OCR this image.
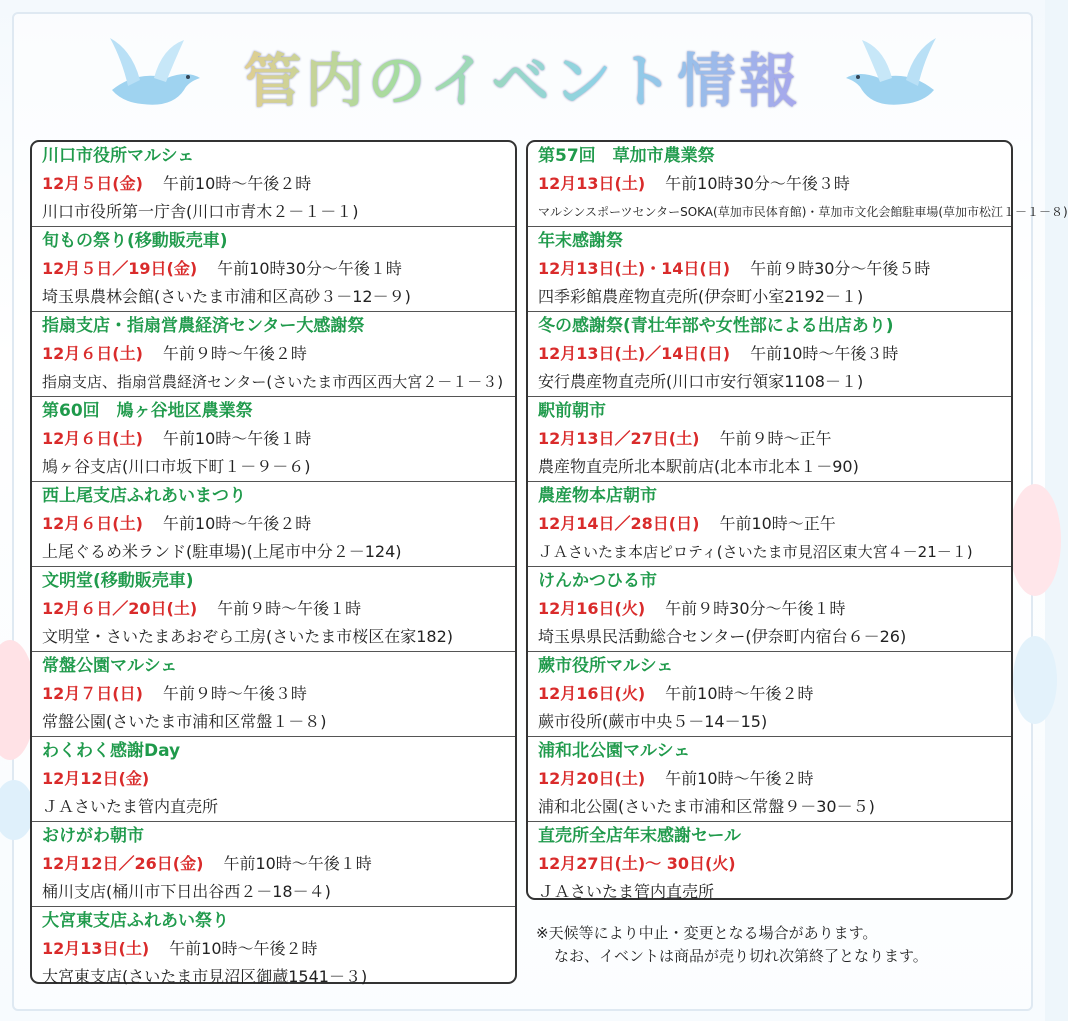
管内のイベント情報
川口市役所マルシェ
12月５日(金) 午前10時～午後２時
川口市役所第一庁舎(川口市青木２－１－１)
旬もの祭り(移動販売車)
12月５日／19日(金) 午前10時30分～午後１時
埼玉県農林会館(さいたま市浦和区高砂３－12－９)
指扇支店・指扇営農経済センター大感謝祭
12月６日(土) 午前９時～午後２時
指扇支店、指扇営農経済センター(さいたま市西区西大宮２－１－３)
第60回　鳩ヶ谷地区農業祭
12月６日(土) 午前10時～午後１時
鳩ヶ谷支店(川口市坂下町１－９－６)
西上尾支店ふれあいまつり
12月６日(土) 午前10時～午後２時
上尾ぐるめ米ランド(駐車場)(上尾市中分２－124)
文明堂(移動販売車)
12月６日／20日(土) 午前９時～午後１時
文明堂・さいたまあおぞら工房(さいたま市桜区在家182)
常盤公園マルシェ
12月７日(日) 午前９時～午後３時
常盤公園(さいたま市浦和区常盤１－８)
わくわく感謝Day
12月12日(金)
ＪＡさいたま管内直売所
おけがわ朝市
12月12日／26日(金) 午前10時～午後１時
桶川支店(桶川市下日出谷西２－18－４)
大宮東支店ふれあい祭り
12月13日(土) 午前10時～午後２時
大宮東支店(さいたま市見沼区御蔵1541－３)
第57回　草加市農業祭
12月13日(土) 午前10時30分～午後３時
マルシンスポーツセンターSOKA(草加市民体育館)・草加市文化会館駐車場(草加市松江１－１－８)
年末感謝祭
12月13日(土)・14日(日) 午前９時30分～午後５時
四季彩館農産物直売所(伊奈町小室2192－１)
冬の感謝祭(青壮年部や女性部による出店あり)
12月13日(土)／14日(日) 午前10時～午後３時
安行農産物直売所(川口市安行領家1108－１)
駅前朝市
12月13日／27日(土) 午前９時～正午
農産物直売所北本駅前店(北本市北本１－90)
農産物本店朝市
12月14日／28日(日) 午前10時～正午
ＪＡさいたま本店ピロティ(さいたま市見沼区東大宮４－21－１)
けんかつひる市
12月16日(火) 午前９時30分～午後１時
埼玉県県民活動総合センター(伊奈町内宿台６－26)
蕨市役所マルシェ
12月16日(火) 午前10時～午後２時
蕨市役所(蕨市中央５－14－15)
浦和北公園マルシェ
12月20日(土) 午前10時～午後２時
浦和北公園(さいたま市浦和区常盤９－30－５)
直売所全店年末感謝セール
12月27日(土)～ 30日(火)
ＪＡさいたま管内直売所
※天候等により中止・変更となる場合があります。
なお、イベントは商品が売り切れ次第終了となります。
